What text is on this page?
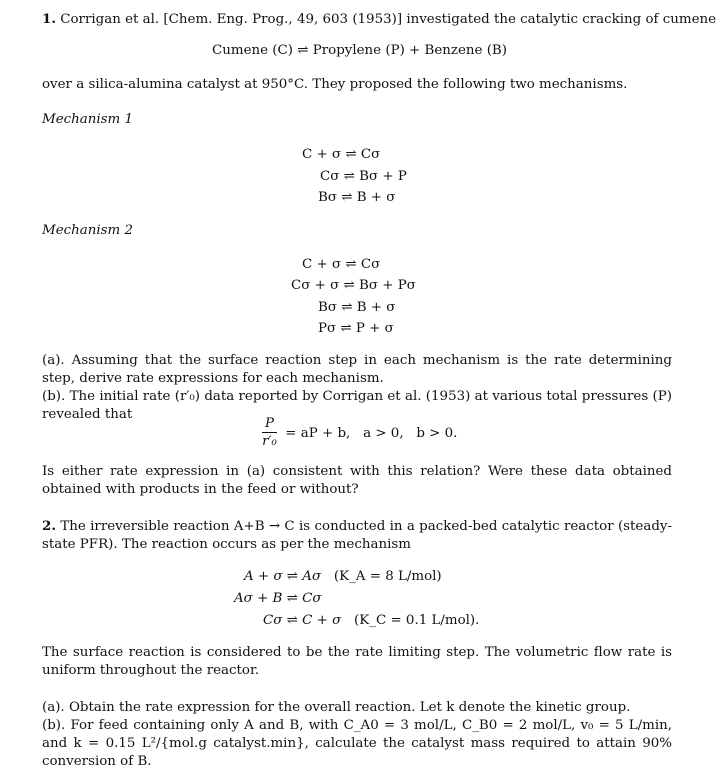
1. Corrigan et al. [Chem. Eng. Prog., 49, 603 (1953)] investigated the catalytic cracking of cumene
Cumene (C) ⇌ Propylene (P) + Benzene (B)
over a silica-alumina catalyst at 950°C. They proposed the following two mechanisms.
Mechanism 1
C + σ ⇌ Cσ
Cσ ⇌ Bσ + P
Bσ ⇌ B + σ
Mechanism 2
C + σ ⇌ Cσ
Cσ + σ ⇌ Bσ + Pσ
Bσ ⇌ B + σ
Pσ ⇌ P + σ
(a). Assuming that the surface reaction step in each mechanism is the rate determining step, derive rate expressions for each mechanism.
(b). The initial rate (r′₀) data reported by Corrigan et al. (1953) at various total pressures (P) revealed that
$\frac{P}{\text{r′₀}}$ = aP + b,   a > 0,   b > 0.
Is either rate expression in (a) consistent with this relation? Were these data obtained obtained with products in the feed or without?
2. The irreversible reaction A+B → C is conducted in a packed-bed catalytic reactor (steady-state PFR). The reaction occurs as per the mechanism
A + σ ⇌ Aσ (K_A = 8 L/mol)
Aσ + B ⇌ Cσ
Cσ ⇌ C + σ (K_C = 0.1 L/mol).
The surface reaction is considered to be the rate limiting step. The volumetric flow rate is uniform throughout the reactor.
(a). Obtain the rate expression for the overall reaction. Let k denote the kinetic group.
(b). For feed containing only A and B, with C_A0 = 3 mol/L, C_B0 = 2 mol/L, v₀ = 5 L/min, and k = 0.15 L²/{mol.g catalyst.min}, calculate the catalyst mass required to attain 90% conversion of B.
